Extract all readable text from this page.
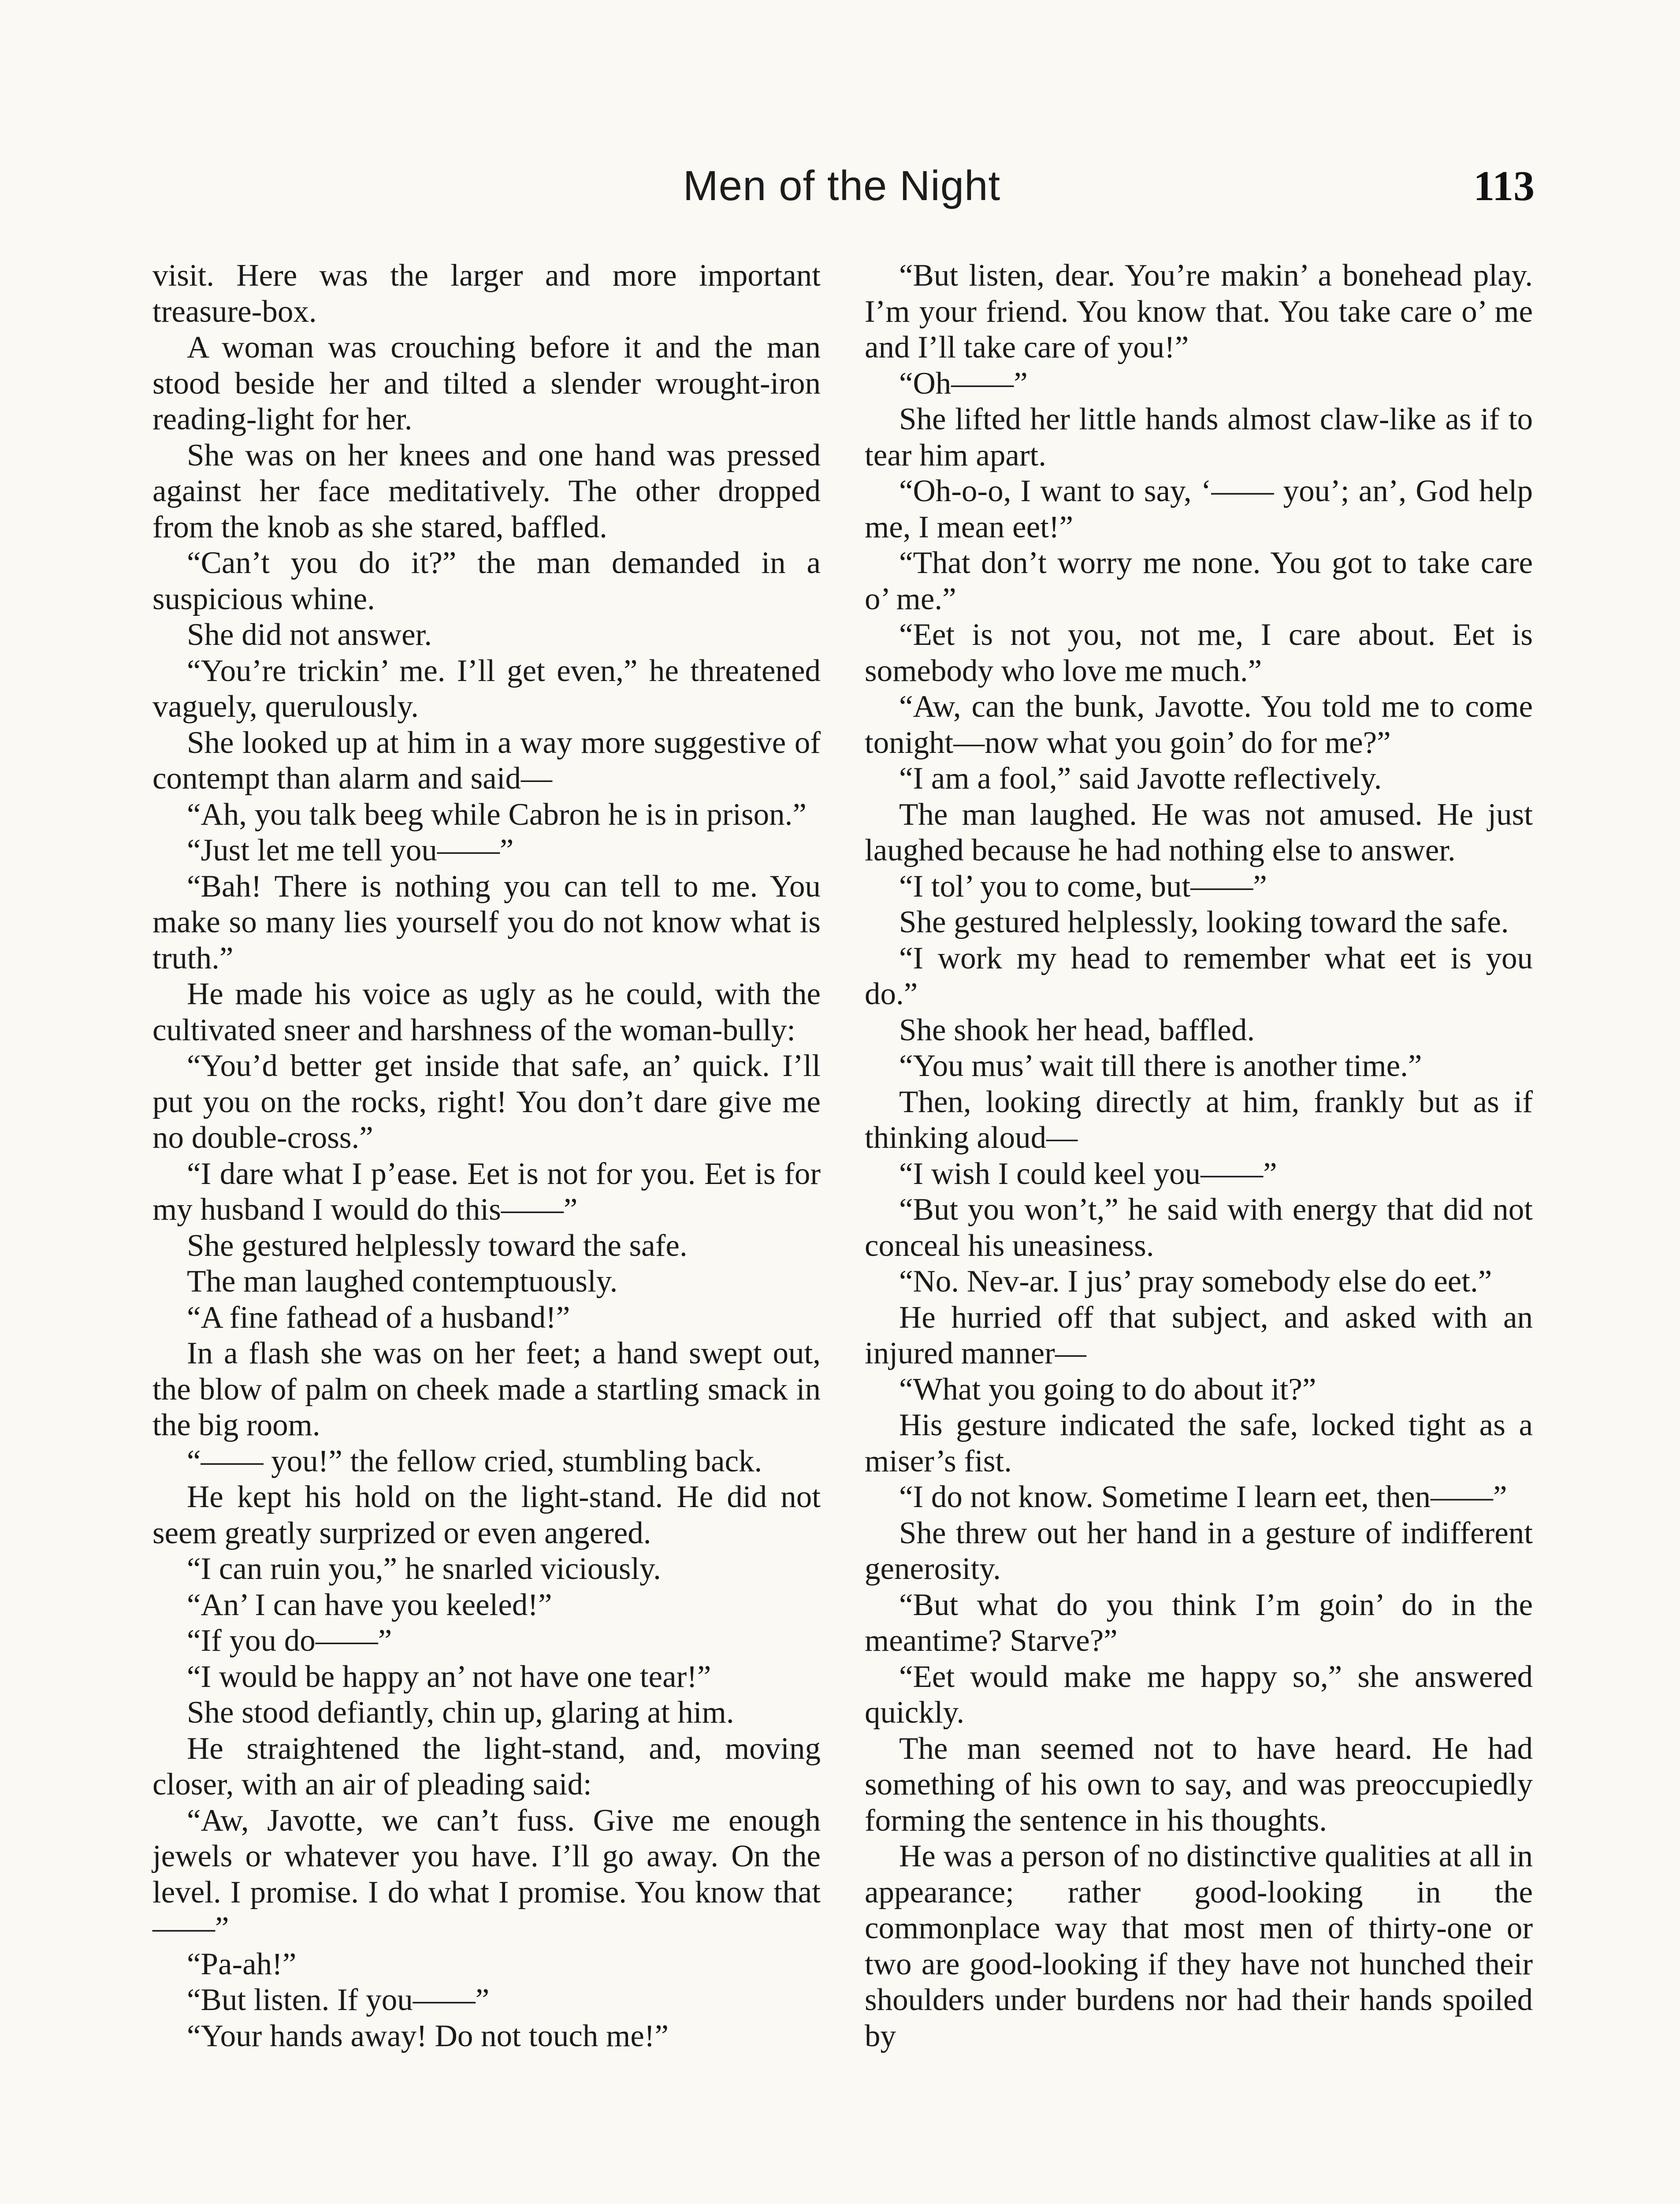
Men of the Night	113

visit. Here was the larger and more important treasure-box.

A woman was crouching before it and the man stood beside her and tilted a slender wrought-iron reading-light for her.

She was on her knees and one hand was pressed against her face meditatively. The other dropped from the knob as she stared, baffled.

“Can’t you do it?” the man demanded in a suspicious whine.

She did not answer.

“You’re trickin’ me. I’ll get even,” he threatened vaguely, querulously.

She looked up at him in a way more suggestive of contempt than alarm and said—

“Ah, you talk beeg while Cabron he is in prison.”

“Just let me tell you——”

“Bah! There is nothing you can tell to me. You make so many lies yourself you do not know what is truth.”

He made his voice as ugly as he could, with the cultivated sneer and harshness of the woman-bully:

“You’d better get inside that safe, an’ quick. I’ll put you on the rocks, right! You don’t dare give me no double-cross.”

“I dare what I p’ease. Eet is not for you. Eet is for my husband I would do this——”

She gestured helplessly toward the safe.

The man laughed contemptuously.

“A fine fathead of a husband!”

In a flash she was on her feet; a hand swept out, the blow of palm on cheek made a startling smack in the big room.

“—— you!” the fellow cried, stumbling back.

He kept his hold on the light-stand. He did not seem greatly surprized or even angered.

“I can ruin you,” he snarled viciously.

“An’ I can have you keeled!”

“If you do——”

“I would be happy an’ not have one tear!”

She stood defiantly, chin up, glaring at him.

He straightened the light-stand, and, moving closer, with an air of pleading said:

“Aw, Javotte, we can’t fuss. Give me enough jewels or whatever you have. I’ll go away. On the level. I promise. I do what I promise. You know that——”

“Pa-ah!”

“But listen. If you——”

“Your hands away! Do not touch me!”

“But listen, dear. You’re makin’ a bonehead play. I’m your friend. You know that. You take care o’ me and I’ll take care of you!”

“Oh——”

She lifted her little hands almost claw-like as if to tear him apart.

“Oh-o-o, I want to say, ‘—— you’; an’, God help me, I mean eet!”

“That don’t worry me none. You got to take care o’ me.”

“Eet is not you, not me, I care about. Eet is somebody who love me much.”

“Aw, can the bunk, Javotte. You told me to come tonight—now what you goin’ do for me?”

“I am a fool,” said Javotte reflectively.

The man laughed. He was not amused. He just laughed because he had nothing else to answer.

“I tol’ you to come, but——”

She gestured helplessly, looking toward the safe.

“I work my head to remember what eet is you do.”

She shook her head, baffled.

“You mus’ wait till there is another time.”

Then, looking directly at him, frankly but as if thinking aloud—

“I wish I could keel you——”

“But you won’t,” he said with energy that did not conceal his uneasiness.

“No. Nev-ar. I jus’ pray somebody else do eet.”

He hurried off that subject, and asked with an injured manner—

“What you going to do about it?”

His gesture indicated the safe, locked tight as a miser’s fist.

“I do not know. Sometime I learn eet, then——”

She threw out her hand in a gesture of indifferent generosity.

“But what do you think I’m goin’ do in the meantime? Starve?”

“Eet would make me happy so,” she answered quickly.

The man seemed not to have heard. He had something of his own to say, and was preoccupiedly forming the sentence in his thoughts.

He was a person of no distinctive qualities at all in appearance; rather good-looking in the commonplace way that most men of thirty-one or two are good-looking if they have not hunched their shoulders under burdens nor had their hands spoiled by
